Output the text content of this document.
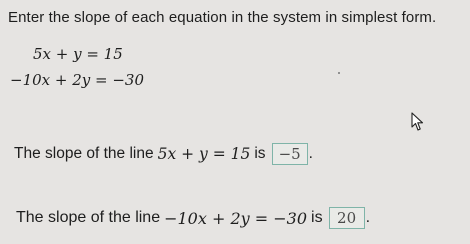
Enter the slope of each equation in the system in simplest form.
5x + y = 15
−10x + 2y = −30
The slope of the line 5x + y = 15 is −5 .
The slope of the line −10x + 2y = −30 is 20 .
